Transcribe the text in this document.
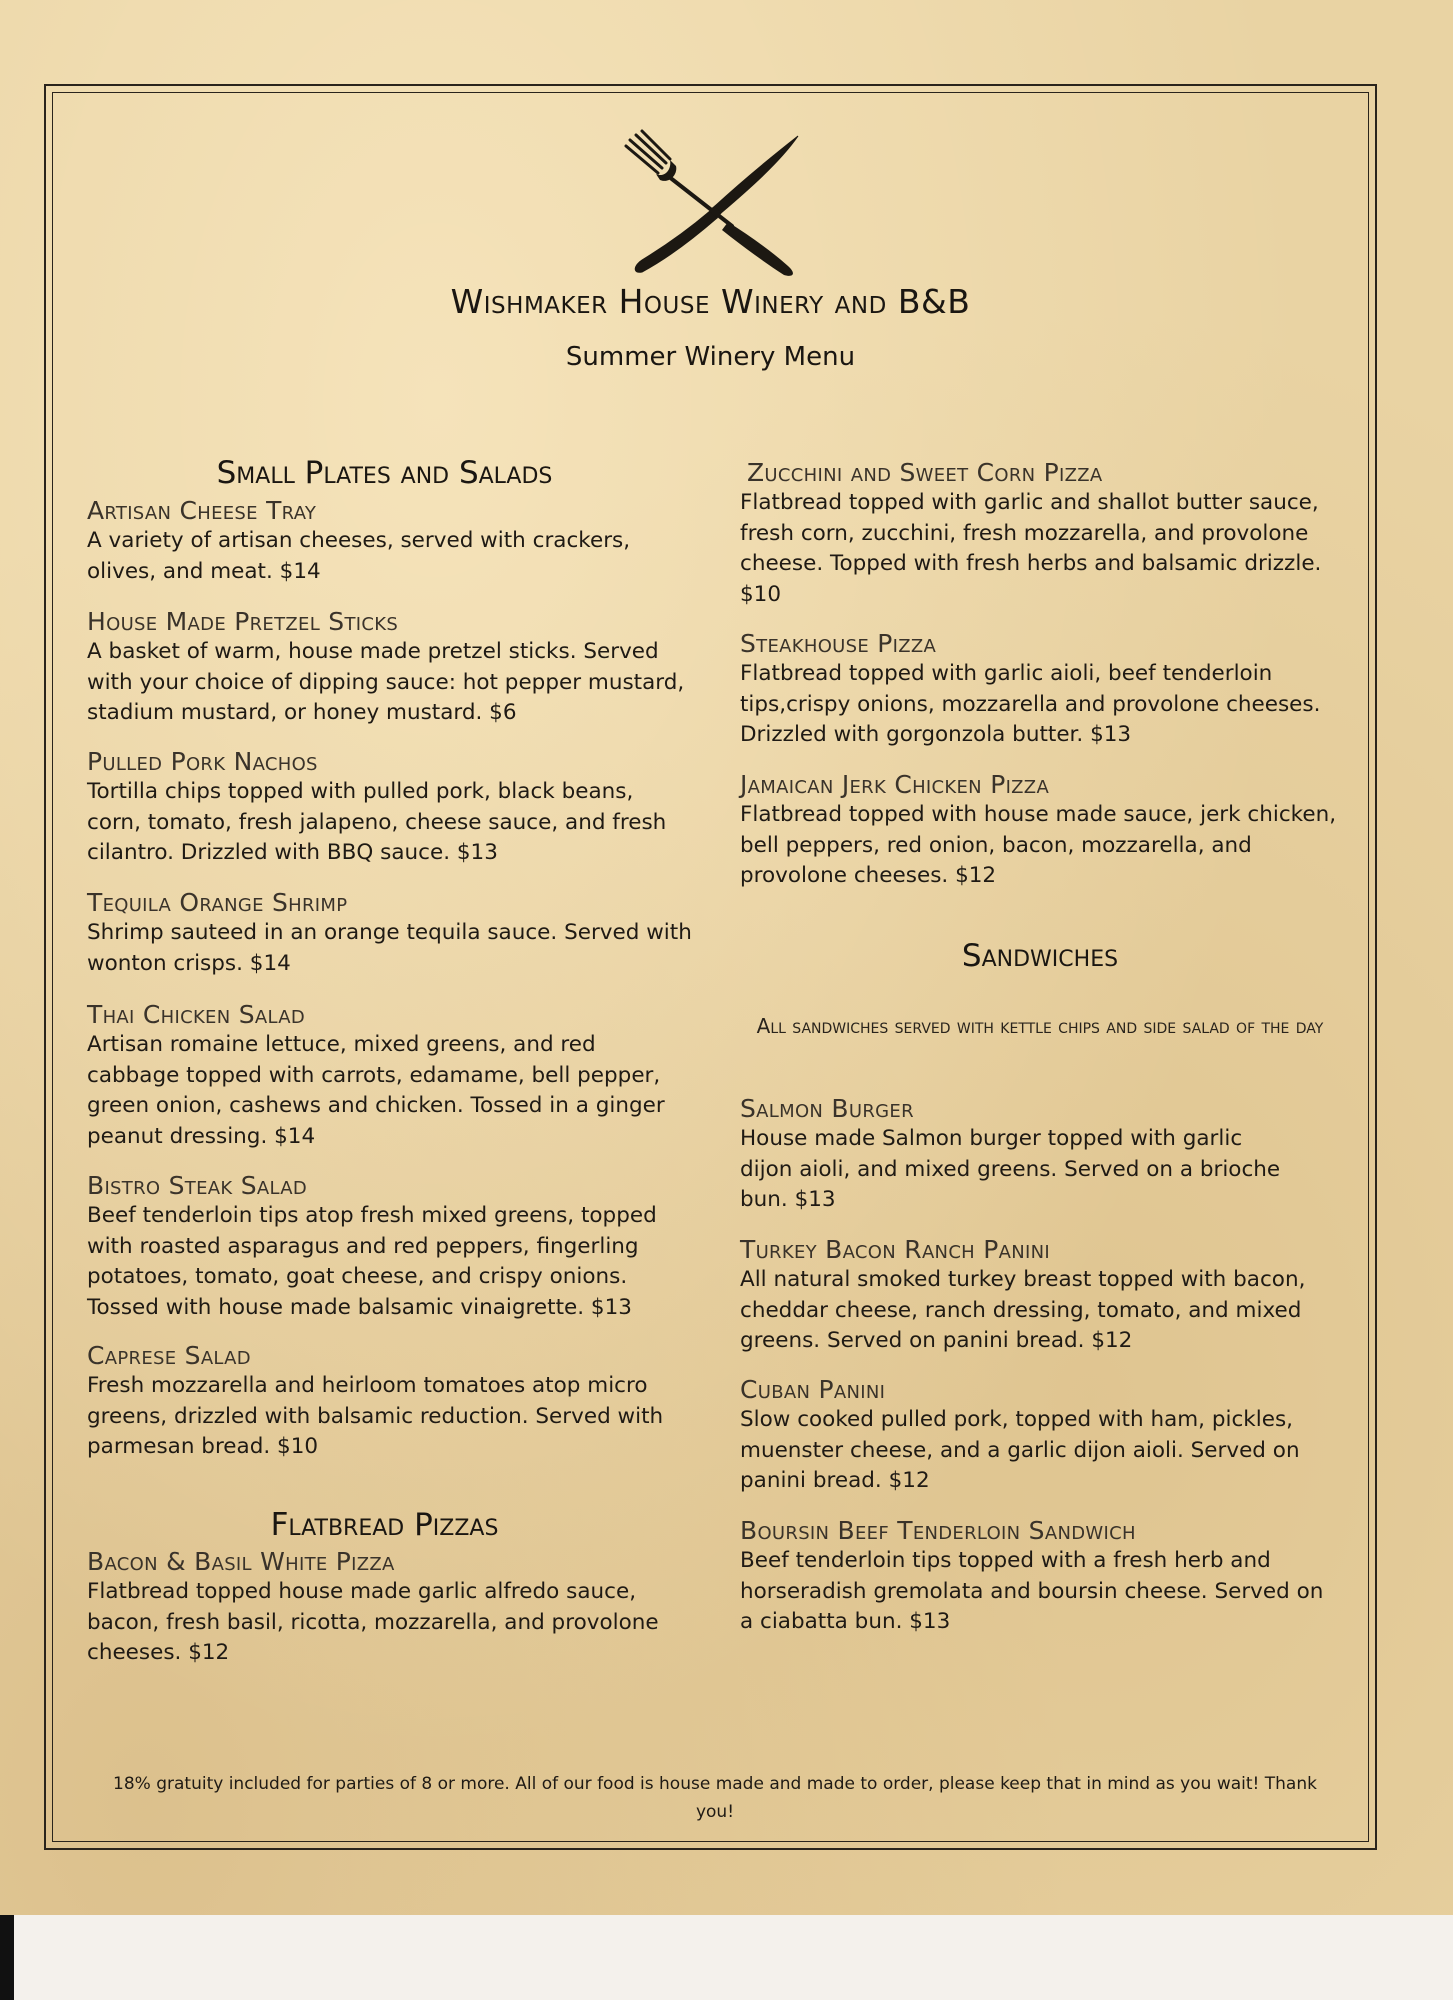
Wishmaker House Winery and B&B
Summer Winery Menu
Small Plates and Salads
Artisan Cheese Tray
A variety of artisan cheeses, served with crackers, olives, and meat. $14
House Made Pretzel Sticks
A basket of warm, house made pretzel sticks. Served with your choice of dipping sauce: hot pepper mustard, stadium mustard, or honey mustard. $6
Pulled Pork Nachos
Tortilla chips topped with pulled pork, black beans, corn, tomato, fresh jalapeno, cheese sauce, and fresh cilantro. Drizzled with BBQ sauce. $13
Tequila Orange Shrimp
Shrimp sauteed in an orange tequila sauce. Served with wonton crisps. $14
Thai Chicken Salad
Artisan romaine lettuce, mixed greens, and red cabbage topped with carrots, edamame, bell pepper, green onion, cashews and chicken. Tossed in a ginger peanut dressing. $14
Bistro Steak Salad
Beef tenderloin tips atop fresh mixed greens, topped with roasted asparagus and red peppers, fingerling potatoes, tomato, goat cheese, and crispy onions. Tossed with house made balsamic vinaigrette. $13
Caprese Salad
Fresh mozzarella and heirloom tomatoes atop micro greens, drizzled with balsamic reduction. Served with parmesan bread. $10
Flatbread Pizzas
Bacon & Basil White Pizza
Flatbread topped house made garlic alfredo sauce, bacon, fresh basil, ricotta, mozzarella, and provolone cheeses. $12
Zucchini and Sweet Corn Pizza
Flatbread topped with garlic and shallot butter sauce, fresh corn, zucchini, fresh mozzarella, and provolone cheese. Topped with fresh herbs and balsamic drizzle. $10
Steakhouse Pizza
Flatbread topped with garlic aioli, beef tenderloin tips,crispy onions, mozzarella and provolone cheeses. Drizzled with gorgonzola butter. $13
Jamaican Jerk Chicken Pizza
Flatbread topped with house made sauce, jerk chicken, bell peppers, red onion, bacon, mozzarella, and provolone cheeses. $12
Sandwiches
All sandwiches served with kettle chips and side salad of the day
Salmon Burger
House made Salmon burger topped with garlic dijon aioli, and mixed greens. Served on a brioche bun. $13
Turkey Bacon Ranch Panini
All natural smoked turkey breast topped with bacon, cheddar cheese, ranch dressing, tomato, and mixed greens. Served on panini bread. $12
Cuban Panini
Slow cooked pulled pork, topped with ham, pickles, muenster cheese, and a garlic dijon aioli. Served on panini bread. $12
Boursin Beef Tenderloin Sandwich
Beef tenderloin tips topped with a fresh herb and horseradish gremolata and boursin cheese. Served on a ciabatta bun. $13
18% gratuity included for parties of 8 or more. All of our food is house made and made to order, please keep that in mind as you wait! Thank you!
